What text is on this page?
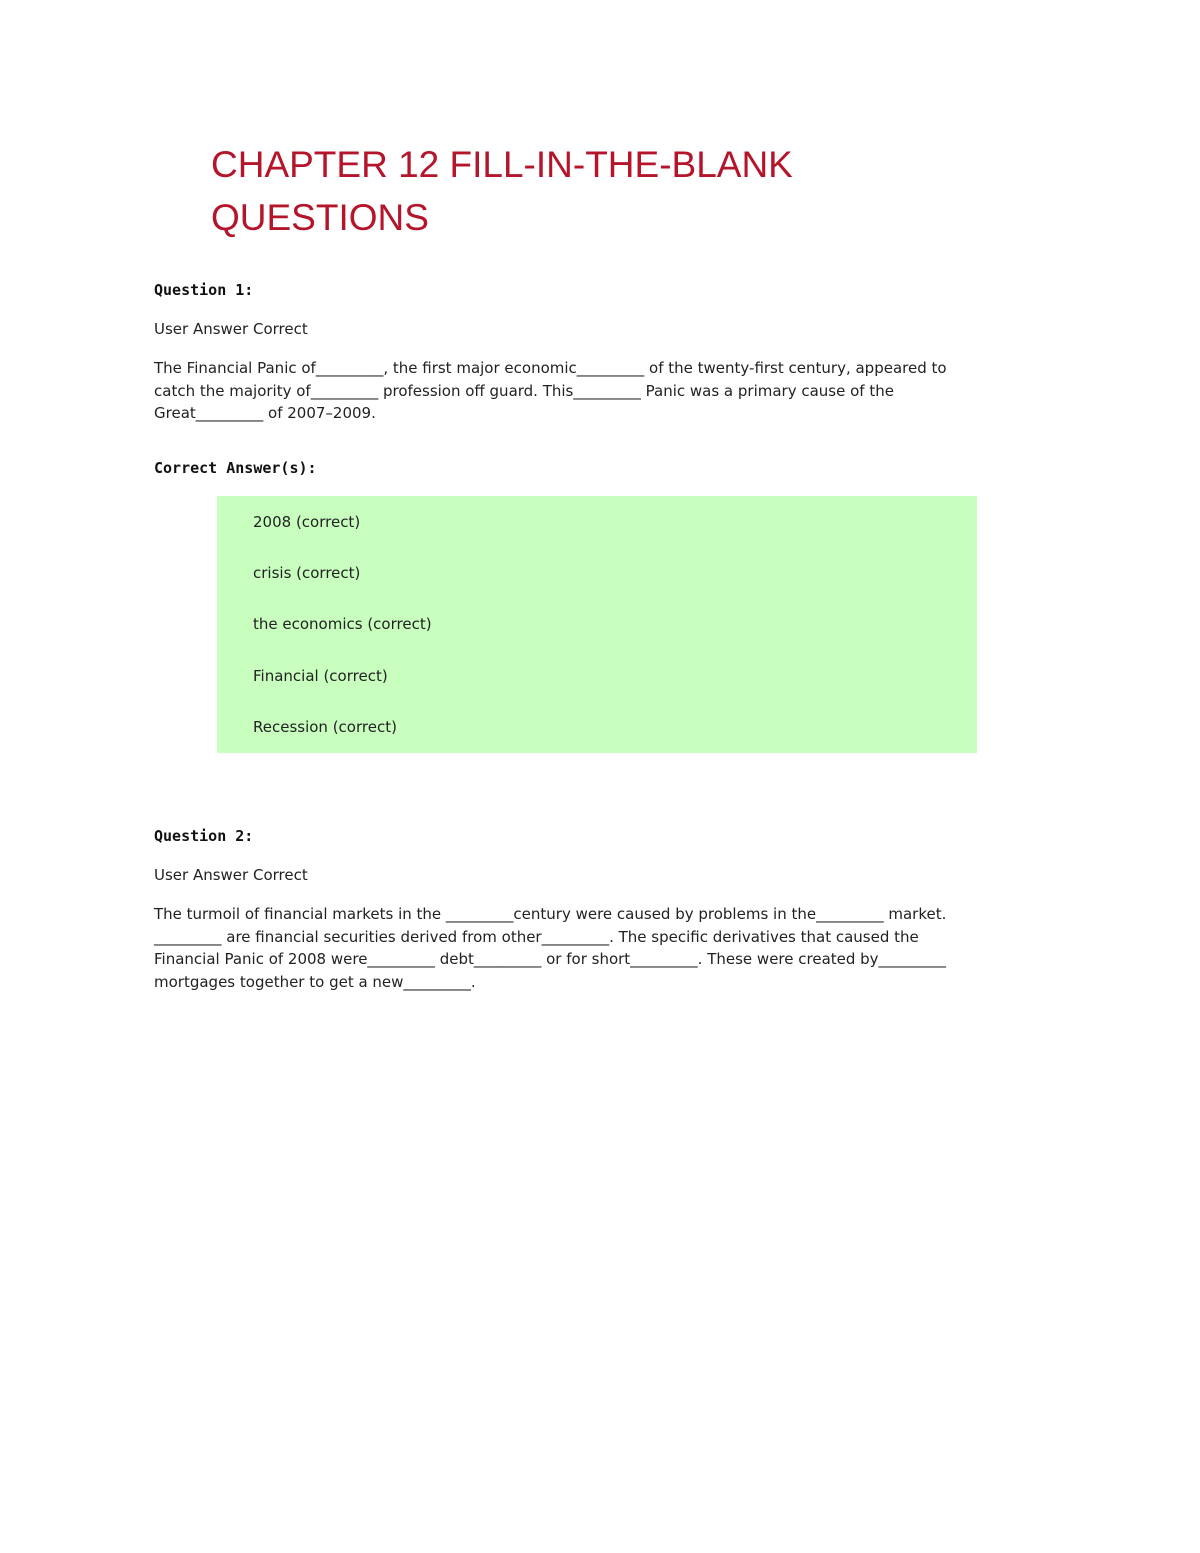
CHAPTER 12 FILL-IN-THE-BLANK QUESTIONS
Question 1:

User Answer Correct

The Financial Panic of_________, the first major economic_________ of the twenty-first century, appeared to catch the majority of_________ profession off guard. This_________ Panic was a primary cause of the Great_________ of 2007–2009.

Correct Answer(s):
2008 (correct)
crisis (correct)
the economics (correct)
Financial (correct)
Recession (correct)
Question 2:

User Answer Correct

The turmoil of financial markets in the _________century were caused by problems in the_________ market. _________ are financial securities derived from other_________. The specific derivatives that caused the Financial Panic of 2008 were_________ debt_________ or for short_________. These were created by_________ mortgages together to get a new_________.
